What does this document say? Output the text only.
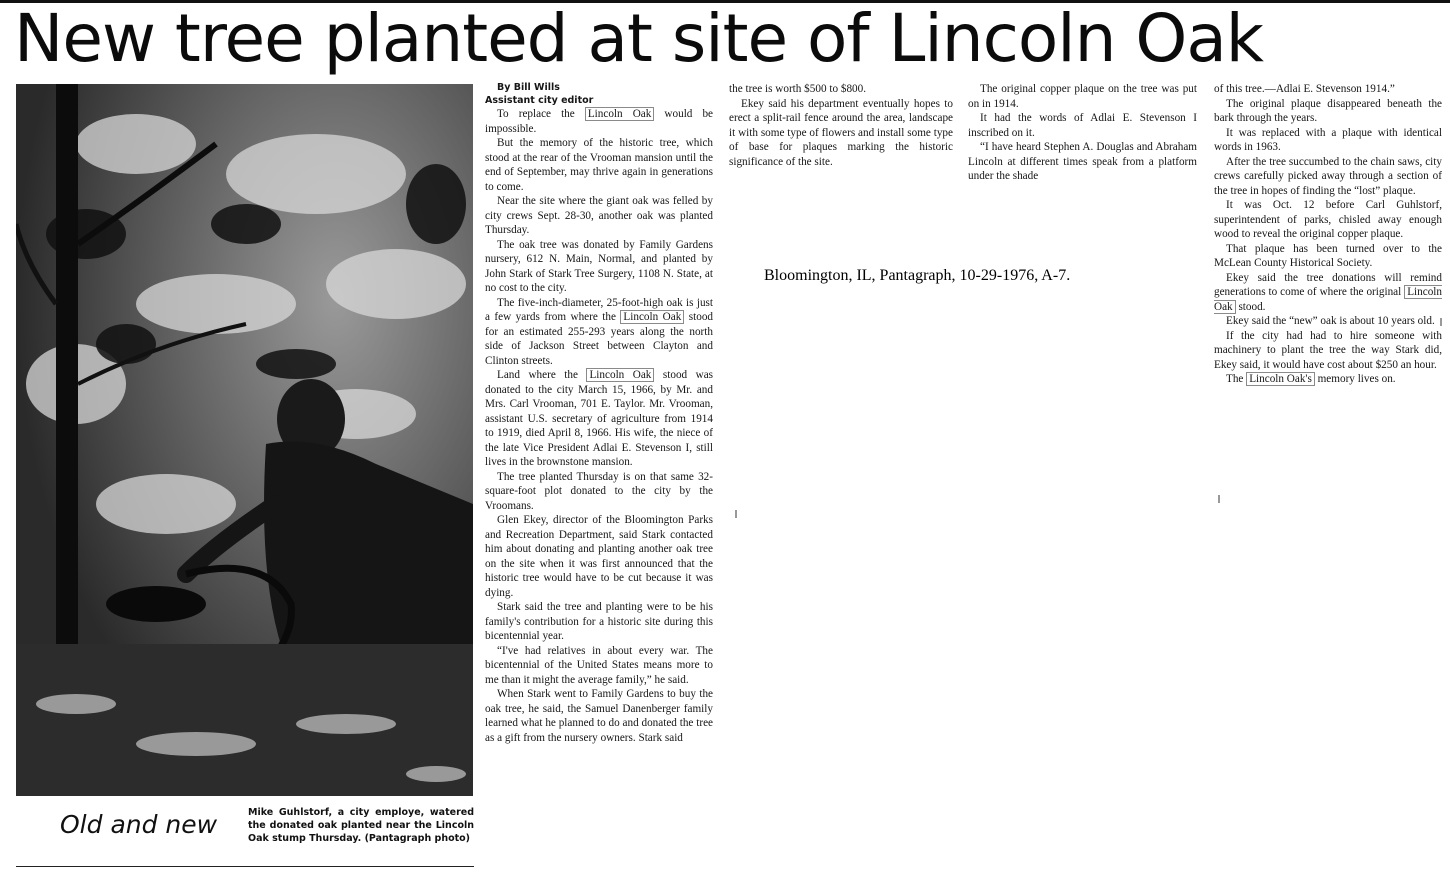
New tree planted at site of Lincoln Oak
Old and new	Mike Guhlstorf, a city employe, watered the donated oak planted near the Lincoln Oak stump Thursday. (Pantagraph photo)

By Bill Wills
Assistant city editor

To replace the Lincoln Oak would be impossible.

But the memory of the historic tree, which stood at the rear of the Vrooman mansion until the end of September, may thrive again in generations to come.

Near the site where the giant oak was felled by city crews Sept. 28-30, another oak was planted Thursday.

The oak tree was donated by Family Gardens nursery, 612 N. Main, Normal, and planted by John Stark of Stark Tree Surgery, 1108 N. State, at no cost to the city.

The five-inch-diameter, 25-foot-high oak is just a few yards from where the Lincoln Oak stood for an estimated 255-293 years along the north side of Jackson Street between Clayton and Clinton streets.

Land where the Lincoln Oak stood was donated to the city March 15, 1966, by Mr. and Mrs. Carl Vrooman, 701 E. Taylor. Mr. Vrooman, assistant U.S. secretary of agriculture from 1914 to 1919, died April 8, 1966. His wife, the niece of the late Vice President Adlai E. Stevenson I, still lives in the brownstone mansion.

The tree planted Thursday is on that same 32-square-foot plot donated to the city by the Vroomans.

Glen Ekey, director of the Bloomington Parks and Recreation Department, said Stark contacted him about donating and planting another oak tree on the site when it was first announced that the historic tree would have to be cut because it was dying.

Stark said the tree and planting were to be his family's contribution for a historic site during this bicentennial year.

“I've had relatives in about every war. The bicentennial of the United States means more to me than it might the average family,” he said.

When Stark went to Family Gardens to buy the oak tree, he said, the Samuel Danenberger family learned what he planned to do and donated the tree as a gift from the nursery owners. Stark said

the tree is worth $500 to $800.

Ekey said his department eventually hopes to erect a split-rail fence around the area, landscape it with some type of flowers and install some type of base for plaques marking the historic significance of the site.

The original copper plaque on the tree was put on in 1914.

It had the words of Adlai E. Stevenson I inscribed on it.

“I have heard Stephen A. Douglas and Abraham Lincoln at different times speak from a platform under the shade

of this tree.—Adlai E. Stevenson 1914.”

The original plaque disappeared beneath the bark through the years.

It was replaced with a plaque with identical words in 1963.

After the tree succumbed to the chain saws, city crews carefully picked away through a section of the tree in hopes of finding the “lost” plaque.

It was Oct. 12 before Carl Guhlstorf, superintendent of parks, chisled away enough wood to reveal the original copper plaque.

That plaque has been turned over to the McLean County Historical Society.

Ekey said the tree donations will remind generations to come of where the original Lincoln Oak stood.

Ekey said the “new” oak is about 10 years old.

If the city had had to hire someone with machinery to plant the tree the way Stark did, Ekey said, it would have cost about $250 an hour.

The Lincoln Oak's memory lives on.

Bloomington, IL, Pantagraph, 10-29-1976, A-7.
